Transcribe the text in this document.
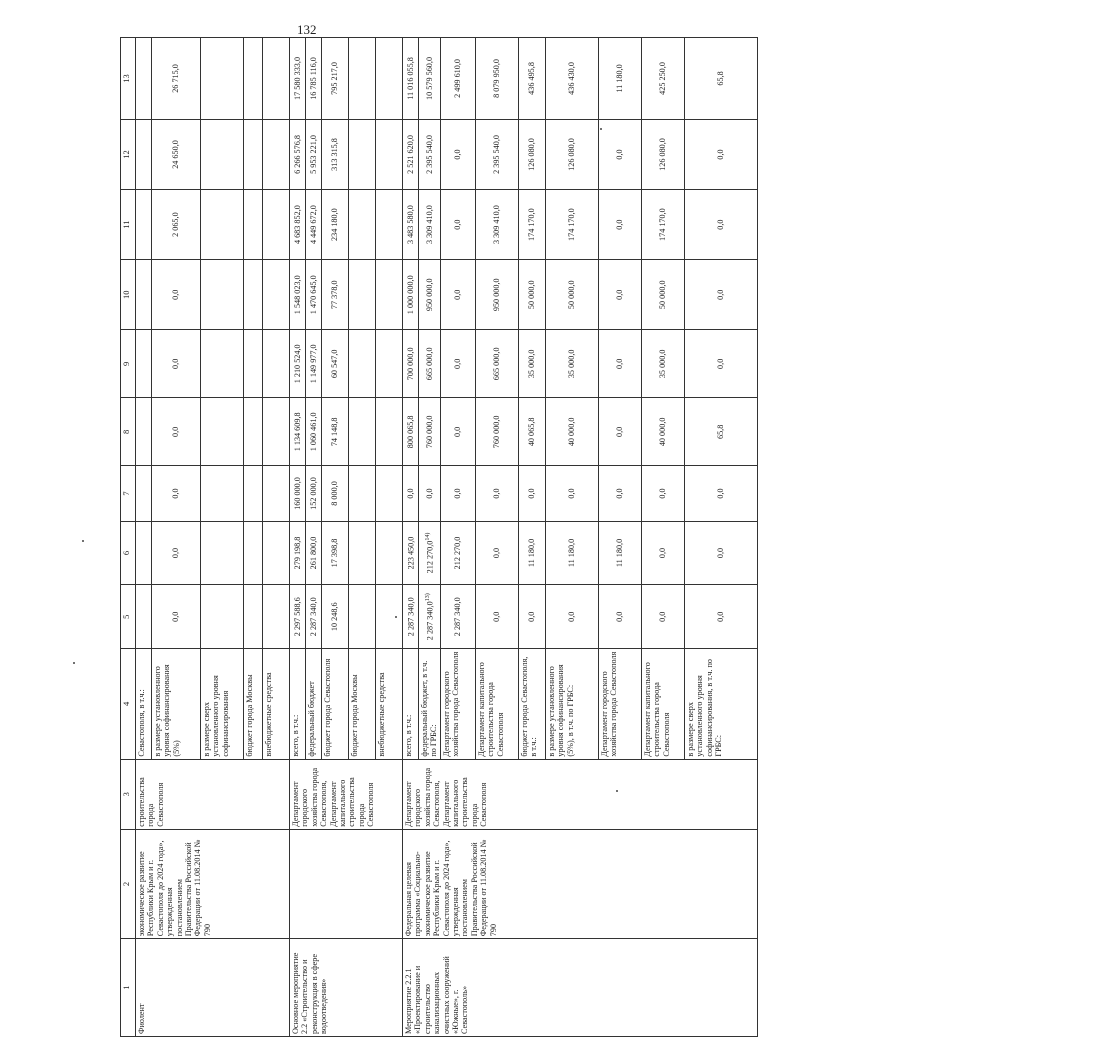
132
1	2	3	4	5	6	7	8	9	10	11	12	13
Фиолент	экономическое развитие Республики Крым и г. Севастополя до 2024 года», утвержденная постановлением Правительства Российской Федерации от 11.08.2014 № 790	строительства города Севастополя	Севастополя, в т.ч.:									
			в размере установленного уровня софинансирования (5%)	0,0	0,0	0,0	0,0	0,0	0,0	2 065,0	24 650,0	26 715,0
			в размере сверх установленного уровня софинансирования									
			бюджет города Москвы									
			внебюджетные средства									
Основное мероприятие 2.2 «Строительство и реконструкция в сфере водоотведения»		Департамент городского хозяйства города Севастополя, Департамент капитального строительства города Севастополя	всего, в т.ч.:	2 297 588,6	279 198,8	160 000,0	1 134 609,8	1 210 524,0	1 548 023,0	4 683 852,0	6 266 576,8	17 580 333,0
			федеральный бюджет	2 287 340,0	261 800,0	152 000,0	1 060 461,0	1 149 977,0	1 470 645,0	4 449 672,0	5 953 221,0	16 785 116,0
			бюджет города Севастополя	10 248,6	17 398,8	8 000,0	74 148,8	60 547,0	77 378,0	234 180,0	313 315,8	795 217,0
			бюджет города Москвы									
			внебюджетные средства									
Мероприятие 2.2.1 «Проектирование и строительство канализационных очистных сооружений «Южные», г. Севастополь»	Федеральная целевая программа «Социально-экономическое развитие Республики Крым и г. Севастополя до 2024 года», утвержденная постановлением Правительства Российской Федерации от 11.08.2014 № 790	Департамент городского хозяйства города Севастополя, Департамент капитального строительства города Севастополя	всего, в т.ч.:	2 287 340,0	223 450,0	0,0	800 065,8	700 000,0	1 000 000,0	3 483 580,0	2 521 620,0	11 016 055,8
			федеральный бюджет, в т.ч. по ГРБС:	2 287 340,0$^{13)}$	212 270,0$^{14)}$	0,0	760 000,0	665 000,0	950 000,0	3 309 410,0	2 395 540,0	10 579 560,0
			Департамент городского хозяйства города Севастополя	2 287 340,0	212 270,0	0,0	0,0	0,0	0,0	0,0	0,0	2 499 610,0
			Департамент капитального строительства города Севастополя	0,0	0,0	0,0	760 000,0	665 000,0	950 000,0	3 309 410,0	2 395 540,0	8 079 950,0
			бюджет города Севастополя, в т.ч.:	0,0	11 180,0	0,0	40 065,8	35 000,0	50 000,0	174 170,0	126 080,0	436 495,8
			в размере установленного уровня софинансирования (5%), в т.ч. по ГРБС:	0,0	11 180,0	0,0	40 000,0	35 000,0	50 000,0	174 170,0	126 080,0	436 430,0
			Департамент городского хозяйства города Севастополя	0,0	11 180,0	0,0	0,0	0,0	0,0	0,0	0,0	11 180,0
			Департамент капитального строительства города Севастополя	0,0	0,0	0,0	40 000,0	35 000,0	50 000,0	174 170,0	126 080,0	425 250,0
			в размере сверх установленного уровня софинансирования, в т.ч. по ГРБС:	0,0	0,0	0,0	65,8	0,0	0,0	0,0	0,0	65,8
